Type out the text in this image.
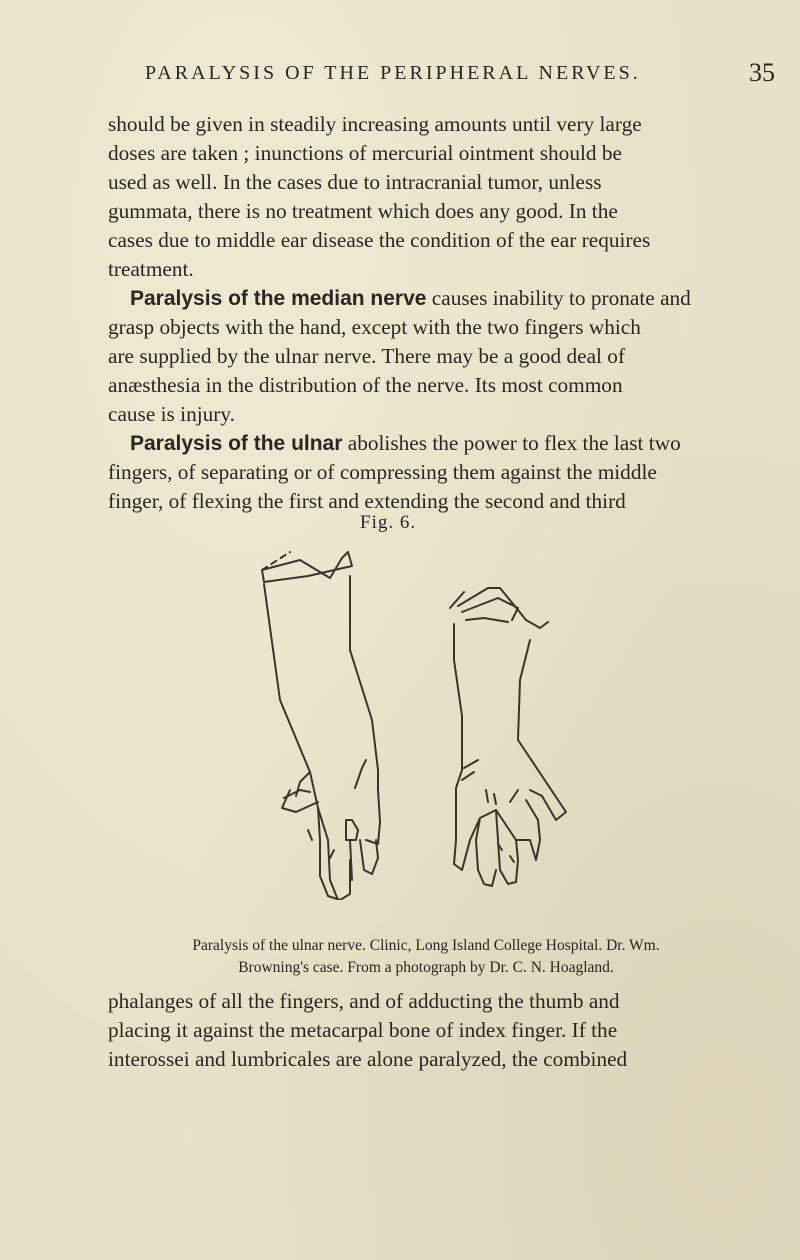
PARALYSIS OF THE PERIPHERAL NERVES.	35

should be given in steadily increasing amounts until very large
doses are taken ; inunctions of mercurial ointment should be
used as well. In the cases due to intracranial tumor, unless
gummata, there is no treatment which does any good. In the
cases due to middle ear disease the condition of the ear requires
treatment.

Paralysis of the median nerve causes inability to pronate and
grasp objects with the hand, except with the two fingers which
are supplied by the ulnar nerve. There may be a good deal of
anæsthesia in the distribution of the nerve. Its most common
cause is injury.

Paralysis of the ulnar abolishes the power to flex the last two
fingers, of separating or of compressing them against the middle
finger, of flexing the first and extending the second and third

Fig. 6.

Paralysis of the ulnar nerve. Clinic, Long Island College Hospital. Dr. Wm.
Browning's case. From a photograph by Dr. C. N. Hoagland.

phalanges of all the fingers, and of adducting the thumb and
placing it against the metacarpal bone of index finger. If the
interossei and lumbricales are alone paralyzed, the combined
